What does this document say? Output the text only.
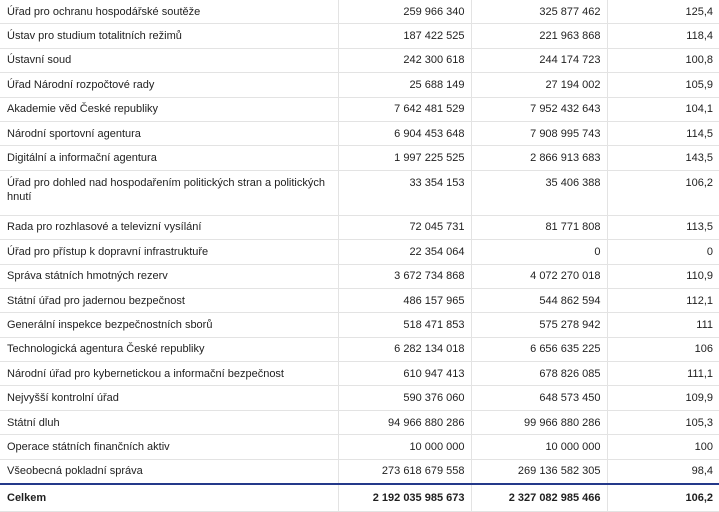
Úřad pro ochranu hospodářské soutěže	259 966 340	325 877 462	125,4
Ústav pro studium totalitních režimů	187 422 525	221 963 868	118,4
Ústavní soud	242 300 618	244 174 723	100,8
Úřad Národní rozpočtové rady	25 688 149	27 194 002	105,9
Akademie věd České republiky	7 642 481 529	7 952 432 643	104,1
Národní sportovní agentura	6 904 453 648	7 908 995 743	114,5
Digitální a informační agentura	1 997 225 525	2 866 913 683	143,5
Úřad pro dohled nad hospodařením politických stran a politických hnutí	33 354 153	35 406 388	106,2
Rada pro rozhlasové a televizní vysílání	72 045 731	81 771 808	113,5
Úřad pro přístup k dopravní infrastruktuře	22 354 064	0	0
Správa státních hmotných rezerv	3 672 734 868	4 072 270 018	110,9
Státní úřad pro jadernou bezpečnost	486 157 965	544 862 594	112,1
Generální inspekce bezpečnostních sborů	518 471 853	575 278 942	111
Technologická agentura České republiky	6 282 134 018	6 656 635 225	106
Národní úřad pro kybernetickou a informační bezpečnost	610 947 413	678 826 085	111,1
Nejvyšší kontrolní úřad	590 376 060	648 573 450	109,9
Státní dluh	94 966 880 286	99 966 880 286	105,3
Operace státních finančních aktiv	10 000 000	10 000 000	100
Všeobecná pokladní správa	273 618 679 558	269 136 582 305	98,4
Celkem	2 192 035 985 673	2 327 082 985 466	106,2
